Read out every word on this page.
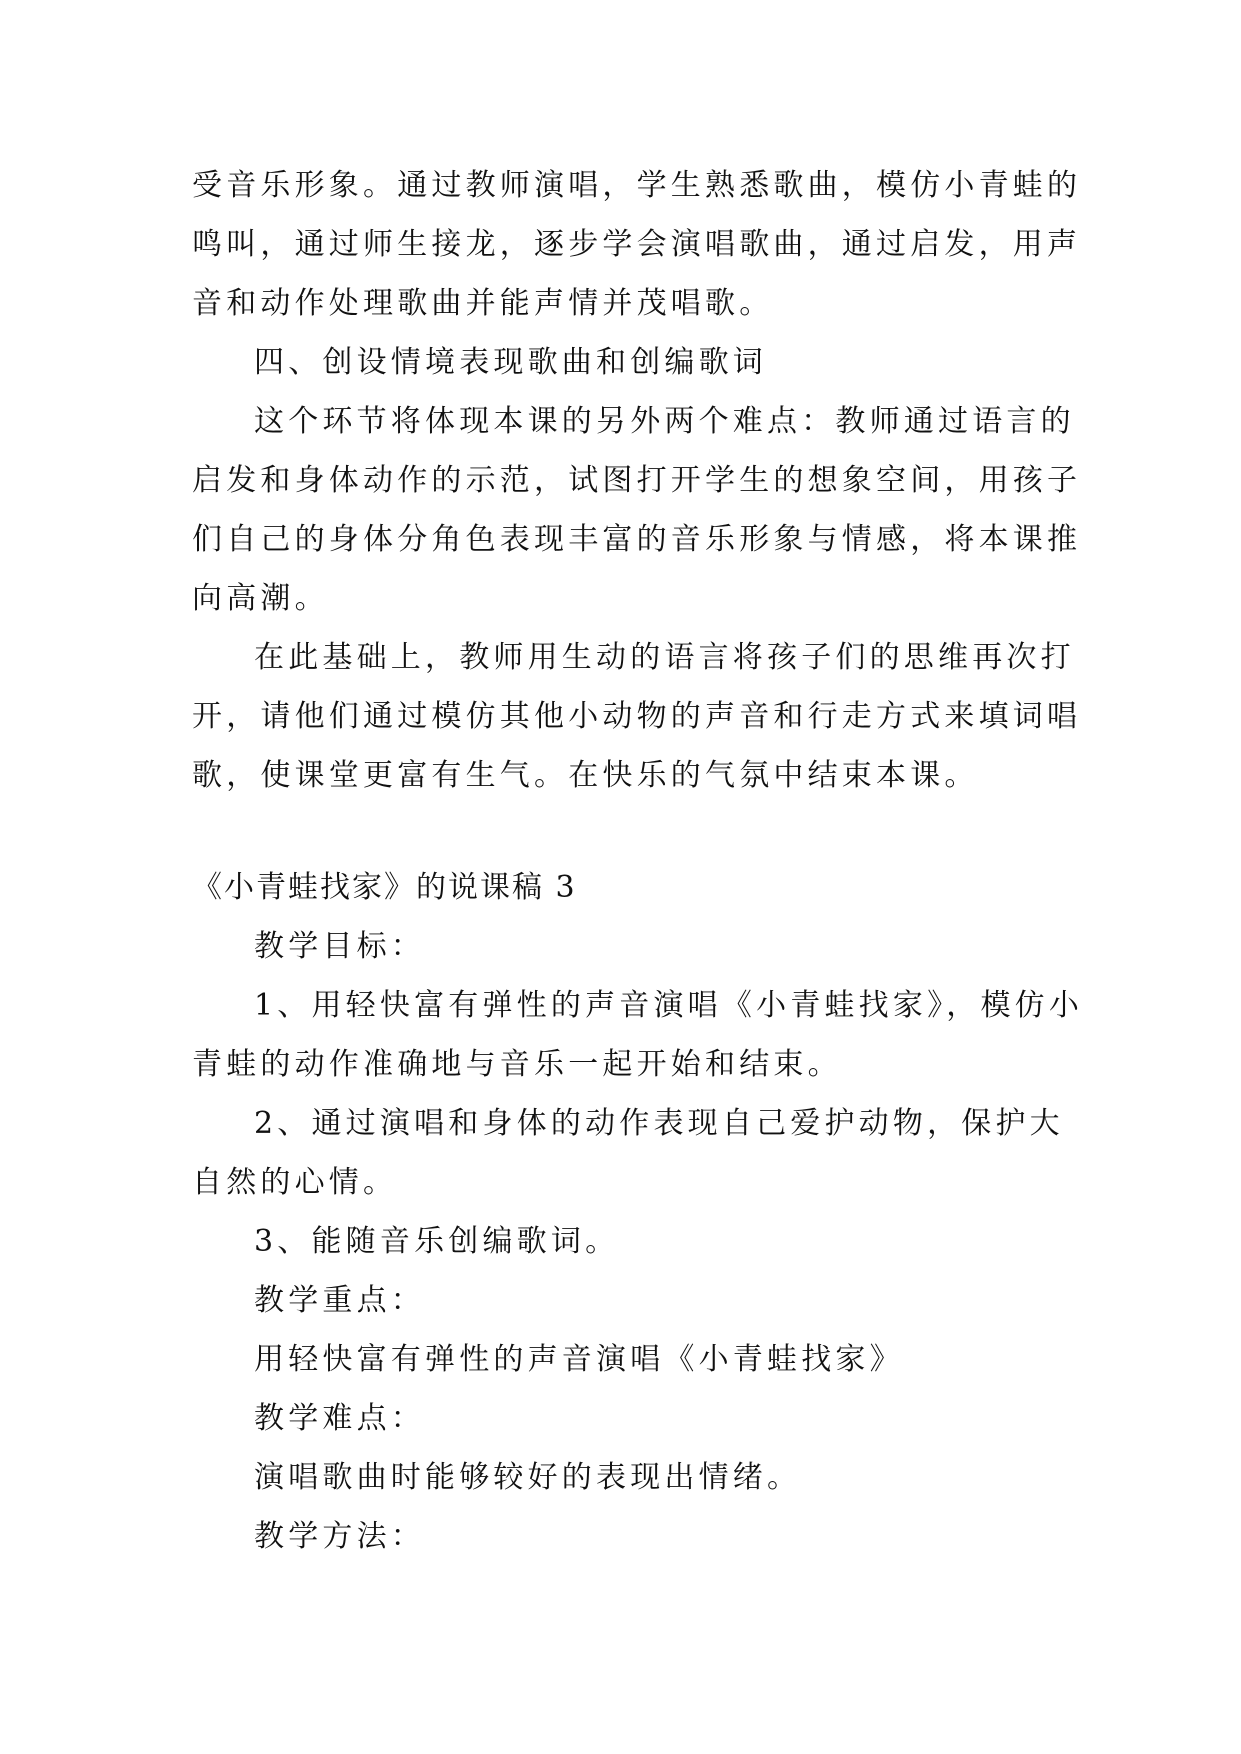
受音乐形象。通过教师演唱，学生熟悉歌曲，模仿小青蛙的
鸣叫，通过师生接龙，逐步学会演唱歌曲，通过启发，用声
音和动作处理歌曲并能声情并茂唱歌。
四、创设情境表现歌曲和创编歌词
这个环节将体现本课的另外两个难点：教师通过语言的
启发和身体动作的示范，试图打开学生的想象空间，用孩子
们自己的身体分角色表现丰富的音乐形象与情感，将本课推
向高潮。
在此基础上，教师用生动的语言将孩子们的思维再次打
开，请他们通过模仿其他小动物的声音和行走方式来填词唱
歌，使课堂更富有生气。在快乐的气氛中结束本课。
《小青蛙找家》的说课稿 3
教学目标：
1、用轻快富有弹性的声音演唱《小青蛙找家》，模仿小
青蛙的动作准确地与音乐一起开始和结束。
2、通过演唱和身体的动作表现自己爱护动物，保护大
自然的心情。
3、能随音乐创编歌词。
教学重点：
用轻快富有弹性的声音演唱《小青蛙找家》
教学难点：
演唱歌曲时能够较好的表现出情绪。
教学方法：
